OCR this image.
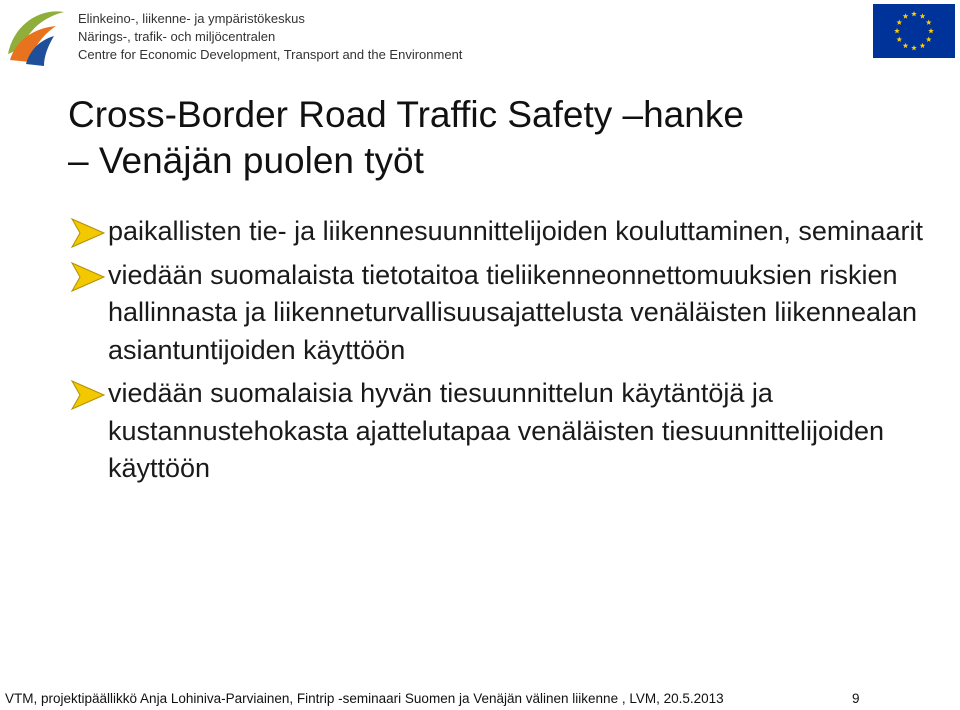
Elinkeino-, liikenne- ja ympäristökeskus
Närings-, trafik- och miljöcentralen
Centre for Economic Development, Transport and the Environment
Cross-Border Road Traffic Safety –hanke
– Venäjän puolen työt
paikallisten tie- ja liikennesuunnittelijoiden kouluttaminen, seminaarit
viedään suomalaista tietotaitoa tieliikenneonnettomuuksien riskien hallinnasta ja liikenneturvallisuusajattelusta venäläisten liikennealan asiantuntijoiden käyttöön
viedään suomalaisia hyvän tiesuunnittelun käytäntöjä ja kustannustehokasta ajattelutapaa venäläisten tiesuunnittelijoiden käyttöön
VTM, projektipäällikkö Anja Lohiniva-Parviainen, Fintrip -seminaari Suomen ja Venäjän välinen liikenne , LVM, 20.5.2013	9
